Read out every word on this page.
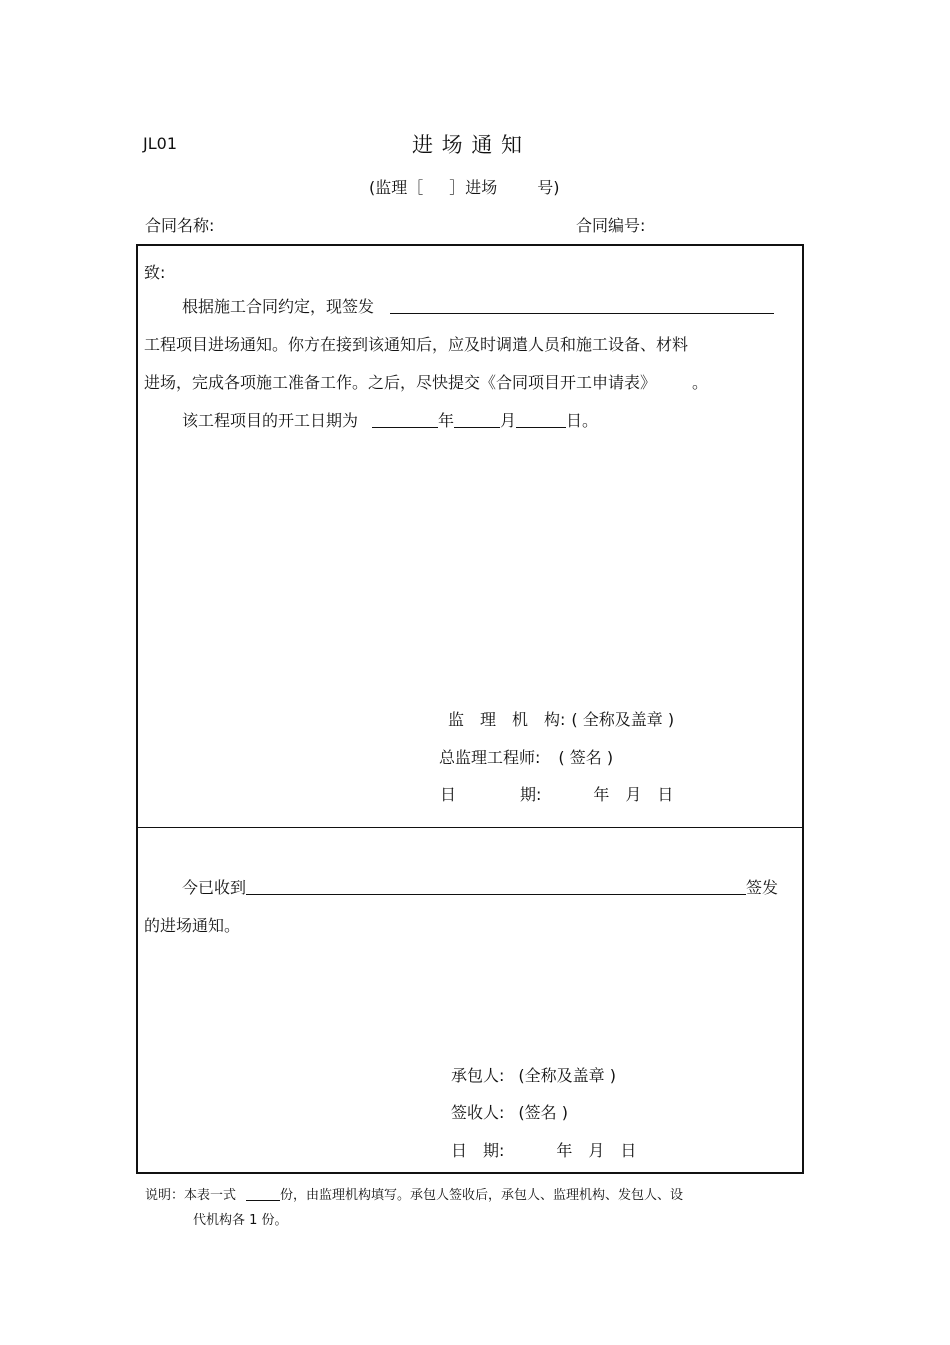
JL01	进 场 通 知
(监理［ ］进场	号)
合同名称:	合同编号:
致:
根据施工合同约定，现签发
工程项目进场通知。你方在接到该通知后，应及时调遣人员和施工设备、材料
进场，完成各项施工准备工作。之后，尽快提交《合同项目开工申请表》 。
该工程项目的开工日期为	年	月	日。
监　理　机　构: ( 全称及盖章 )
总监理工程师: ( 签名 )
日　　　　期:	年　月　日
今已收到	签发
的进场通知。
承包人: (全称及盖章 )
签收人: (签名 )
日　期:	年　月　日
说明：本表一式	份，由监理机构填写。承包人签收后，承包人、监理机构、发包人、设
代机构各 1 份。
